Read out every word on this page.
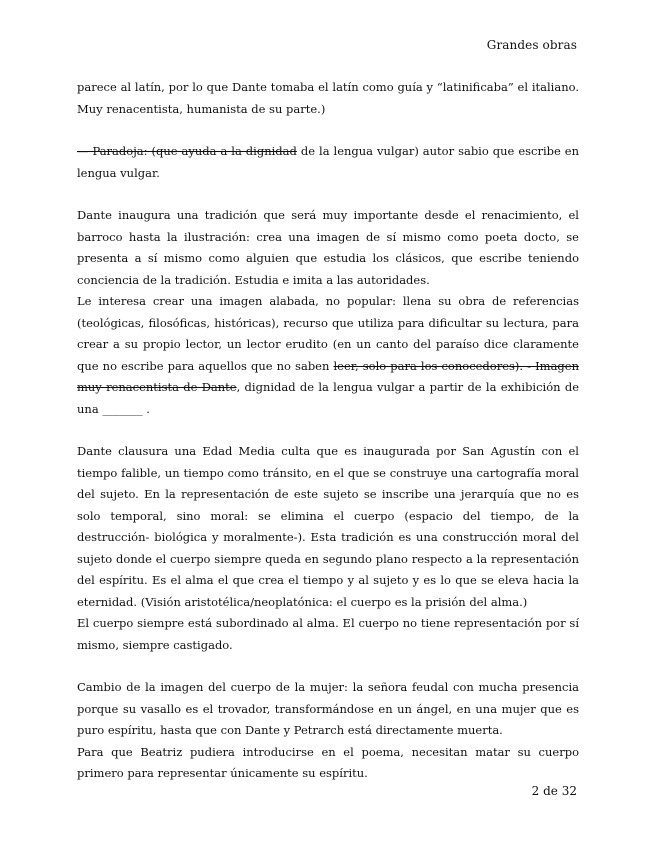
Grandes obras

parece al latín, por lo que Dante tomaba el latín como guía y “latinificaba” el italiano. Muy renacentista, humanista de su parte.)

— Paradoja: (que ayuda a la dignidad de la lengua vulgar) autor sabio que escribe en lengua vulgar.

Dante inaugura una tradición que será muy importante desde el renacimiento, el barroco hasta la ilustración: crea una imagen de sí mismo como poeta docto, se presenta a sí mismo como alguien que estudia los clásicos, que escribe teniendo conciencia de la tradición. Estudia e imita a las autoridades.

Le interesa crear una imagen alabada, no popular: llena su obra de referencias (teológicas, filosóficas, históricas), recurso que utiliza para dificultar su lectura, para crear a su propio lector, un lector erudito (en un canto del paraíso dice claramente que no escribe para aquellos que no saben leer, solo para los conocedores). - Imagen muy renacentista de Dante, dignidad de la lengua vulgar a partir de la exhibición de una _______ .

Dante clausura una Edad Media culta que es inaugurada por San Agustín con el tiempo falible, un tiempo como tránsito, en el que se construye una cartografía moral del sujeto. En la representación de este sujeto se inscribe una jerarquía que no es solo temporal, sino moral: se elimina el cuerpo (espacio del tiempo, de la destrucción- biológica y moralmente-). Esta tradición es una construcción moral del sujeto donde el cuerpo siempre queda en segundo plano respecto a la representación del espíritu. Es el alma el que crea el tiempo y al sujeto y es lo que se eleva hacia la eternidad. (Visión aristotélica/neoplatónica: el cuerpo es la prisión del alma.)

El cuerpo siempre está subordinado al alma. El cuerpo no tiene representación por sí mismo, siempre castigado.

Cambio de la imagen del cuerpo de la mujer: la señora feudal con mucha presencia porque su vasallo es el trovador, transformándose en un ángel, en una mujer que es puro espíritu, hasta que con Dante y Petrarch está directamente muerta.

Para que Beatriz pudiera introducirse en el poema, necesitan matar su cuerpo primero para representar únicamente su espíritu.

2 de 32
